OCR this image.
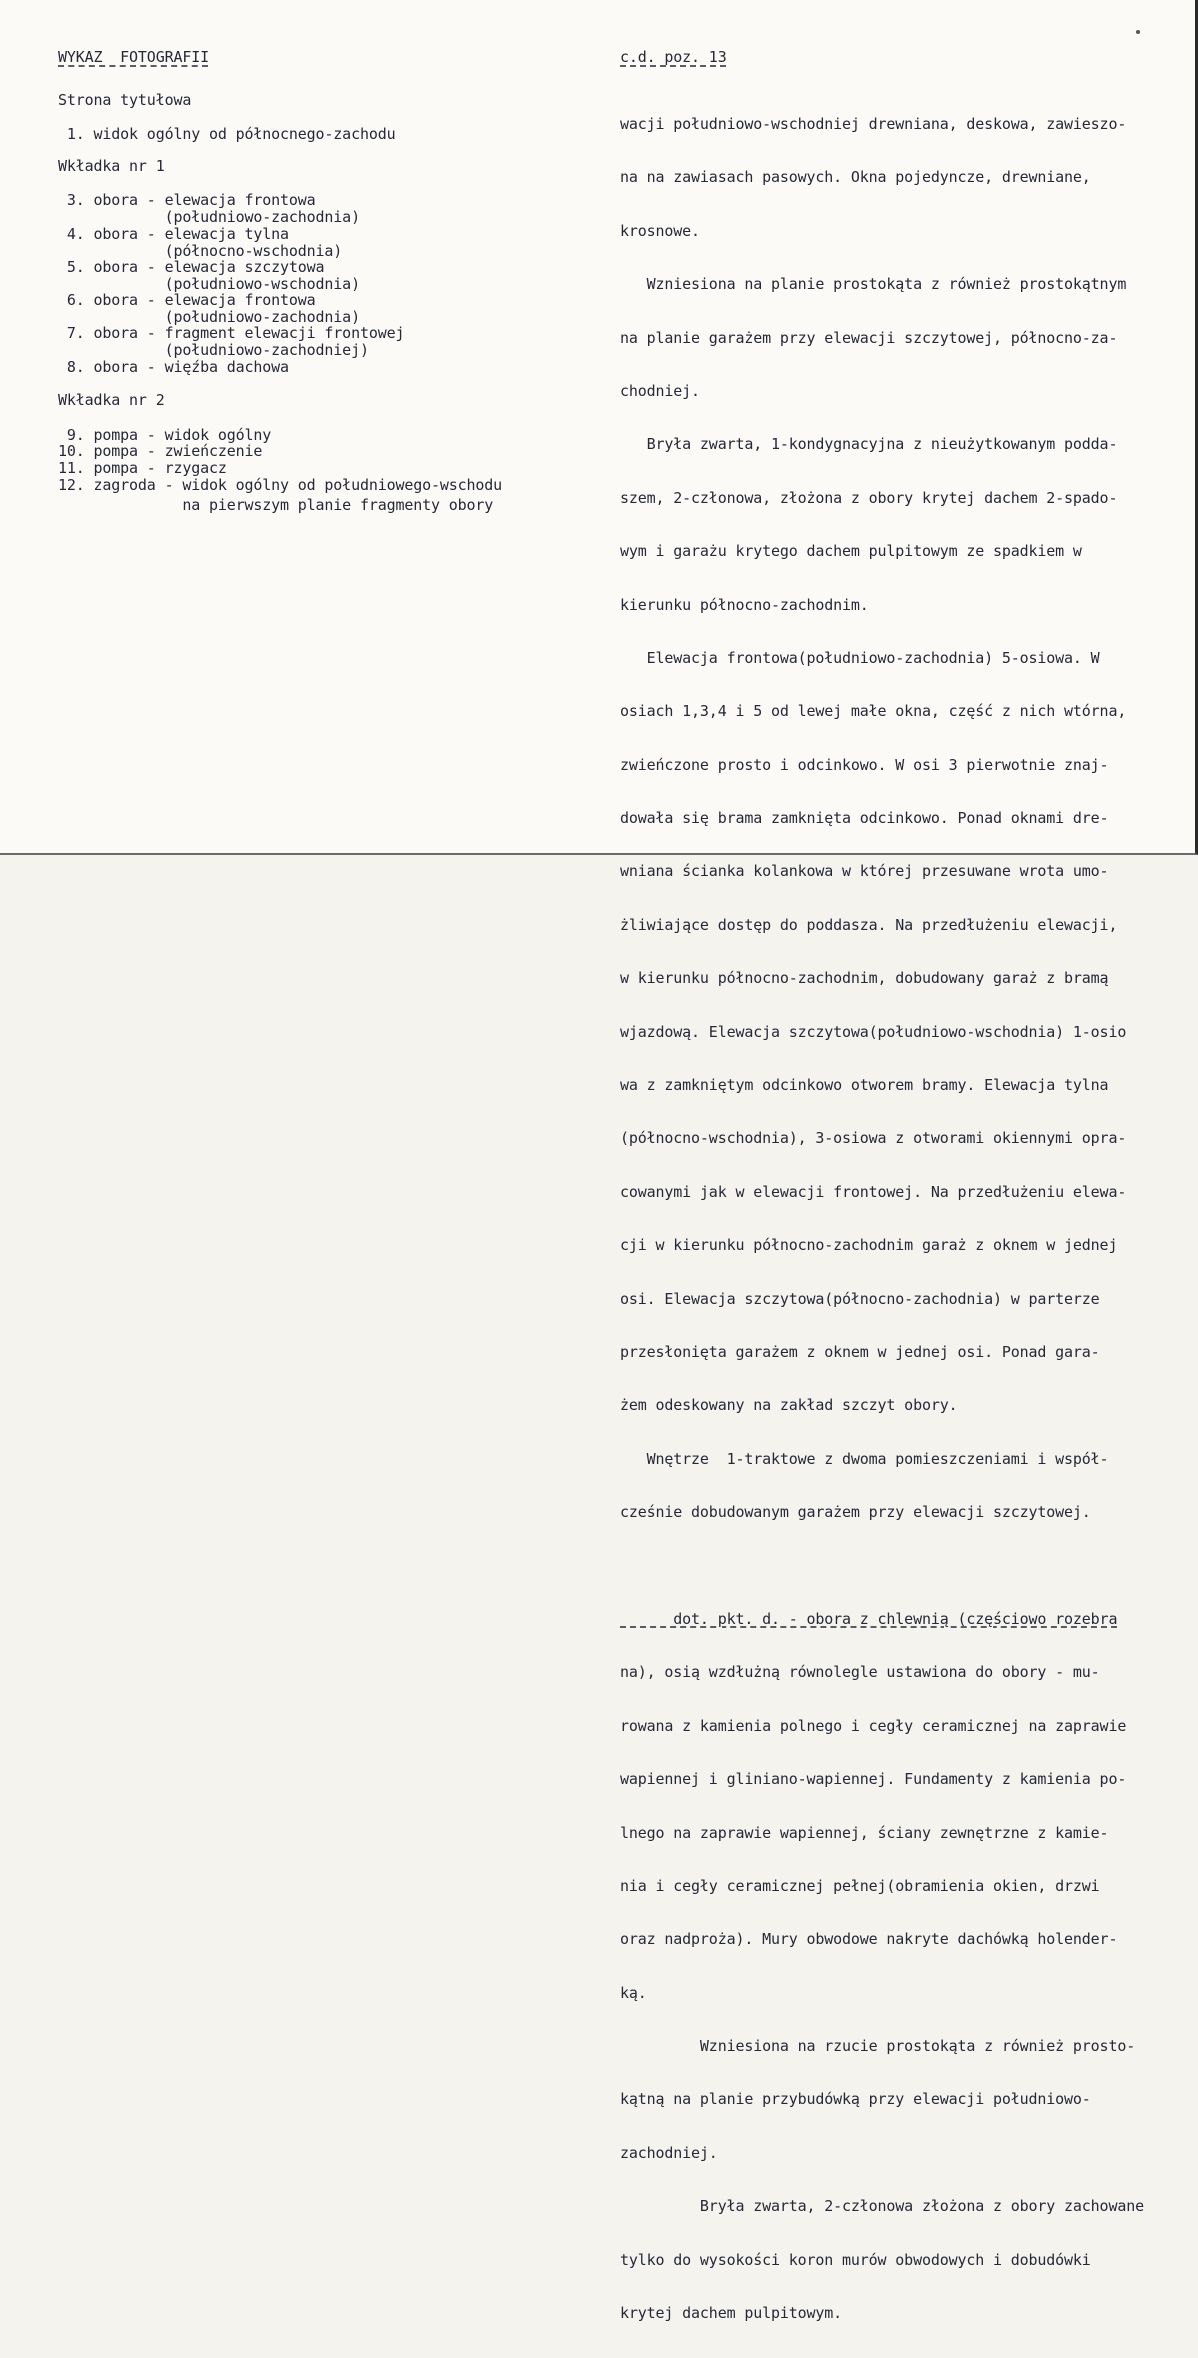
WYKAZ  FOTOGRAFII

Strona tytułowa

1. widok ogólny od północnego-zachodu

Wkładka nr 1

3. obora - elewacja frontowa

(południowo-zachodnia)

4. obora - elewacja tylna

(północno-wschodnia)

5. obora - elewacja szczytowa

(południowo-wschodnia)

6. obora - elewacja frontowa

(południowo-zachodnia)

7. obora - fragment elewacji frontowej

(południowo-zachodniej)

8. obora - więźba dachowa

Wkładka nr 2

9. pompa - widok ogólny

10. pompa - zwieńczenie

11. pompa - rzygacz

12. zagroda - widok ogólny od południowego-wschodu

na pierwszym planie fragmenty obory

c.d. poz. 13

wacji południowo-wschodniej drewniana, deskowa, zawieszo-

na na zawiasach pasowych. Okna pojedyncze, drewniane,

krosnowe.

Wzniesiona na planie prostokąta z również prostokątnym

na planie garażem przy elewacji szczytowej, północno-za-

chodniej.

Bryła zwarta, 1-kondygnacyjna z nieużytkowanym podda-

szem, 2-członowa, złożona z obory krytej dachem 2-spado-

wym i garażu krytego dachem pulpitowym ze spadkiem w

kierunku północno-zachodnim.

Elewacja frontowa(południowo-zachodnia) 5-osiowa. W

osiach 1,3,4 i 5 od lewej małe okna, część z nich wtórna,

zwieńczone prosto i odcinkowo. W osi 3 pierwotnie znaj-

dowała się brama zamknięta odcinkowo. Ponad oknami dre-

wniana ścianka kolankowa w której przesuwane wrota umo-

żliwiające dostęp do poddasza. Na przedłużeniu elewacji,

w kierunku północno-zachodnim, dobudowany garaż z bramą

wjazdową. Elewacja szczytowa(południowo-wschodnia) 1-osio

wa z zamkniętym odcinkowo otworem bramy. Elewacja tylna

(północno-wschodnia), 3-osiowa z otworami okiennymi opra-

cowanymi jak w elewacji frontowej. Na przedłużeniu elewa-

cji w kierunku północno-zachodnim garaż z oknem w jednej

osi. Elewacja szczytowa(północno-zachodnia) w parterze

przesłonięta garażem z oknem w jednej osi. Ponad gara-

żem odeskowany na zakład szczyt obory.

Wnętrze  1-traktowe z dwoma pomieszczeniami i współ-

cześnie dobudowanym garażem przy elewacji szczytowej.

dot. pkt. d. - obora z chlewnią (częściowo rozebra

na), osią wzdłużną równolegle ustawiona do obory - mu-

rowana z kamienia polnego i cegły ceramicznej na zaprawie

wapiennej i gliniano-wapiennej. Fundamenty z kamienia po-

lnego na zaprawie wapiennej, ściany zewnętrzne z kamie-

nia i cegły ceramicznej pełnej(obramienia okien, drzwi

oraz nadproża). Mury obwodowe nakryte dachówką holender-

ką.

Wzniesiona na rzucie prostokąta z również prosto-

kątną na planie przybudówką przy elewacji południowo-

zachodniej.

Bryła zwarta, 2-członowa złożona z obory zachowane

tylko do wysokości koron murów obwodowych i dobudówki

krytej dachem pulpitowym.
